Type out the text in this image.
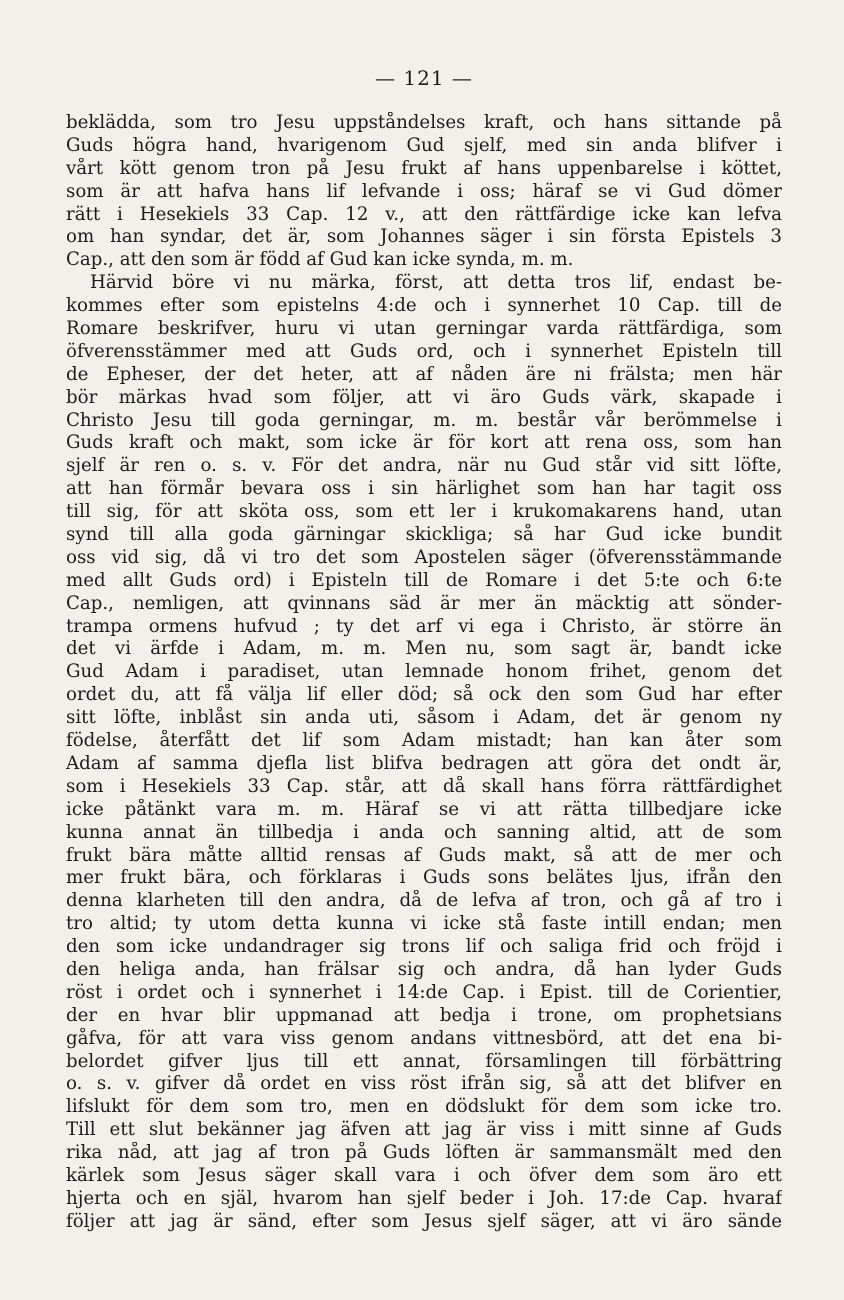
— 121 —
beklädda, som tro Jesu uppståndelses kraft, och hans sittande på
Guds högra hand, hvarigenom Gud sjelf, med sin anda blifver i
vårt kött genom tron på Jesu frukt af hans uppenbarelse i köttet,
som är att hafva hans lif lefvande i oss; häraf se vi Gud dömer
rätt i Hesekiels 33 Cap. 12 v., att den rättfärdige icke kan lefva
om han syndar, det är, som Johannes säger i sin första Epistels 3
Cap., att den som är född af Gud kan icke synda, m. m.
Härvid böre vi nu märka, först, att detta tros lif, endast be-
kommes efter som epistelns 4:de och i synnerhet 10 Cap. till de
Romare beskrifver, huru vi utan gerningar varda rättfärdiga, som
öfverensstämmer med att Guds ord, och i synnerhet Episteln till
de Epheser, der det heter, att af nåden äre ni frälsta; men här
bör märkas hvad som följer, att vi äro Guds värk, skapade i
Christo Jesu till goda gerningar, m. m. består vår berömmelse i
Guds kraft och makt, som icke är för kort att rena oss, som han
sjelf är ren o. s. v. För det andra, när nu Gud står vid sitt löfte,
att han förmår bevara oss i sin härlighet som han har tagit oss
till sig, för att sköta oss, som ett ler i krukomakarens hand, utan
synd till alla goda gärningar skickliga; så har Gud icke bundit
oss vid sig, då vi tro det som Apostelen säger (öfverensstämmande
med allt Guds ord) i Episteln till de Romare i det 5:te och 6:te
Cap., nemligen, att qvinnans säd är mer än mäcktig att sönder-
trampa ormens hufvud ; ty det arf vi ega i Christo, är större än
det vi ärfde i Adam, m. m. Men nu, som sagt är, bandt icke
Gud Adam i paradiset, utan lemnade honom frihet, genom det
ordet du, att få välja lif eller död; så ock den som Gud har efter
sitt löfte, inblåst sin anda uti, såsom i Adam, det är genom ny
födelse, återfått det lif som Adam mistadt; han kan åter som
Adam af samma djefla list blifva bedragen att göra det ondt är,
som i Hesekiels 33 Cap. står, att då skall hans förra rättfärdighet
icke påtänkt vara m. m. Häraf se vi att rätta tillbedjare icke
kunna annat än tillbedja i anda och sanning altid, att de som
frukt bära måtte alltid rensas af Guds makt, så att de mer och
mer frukt bära, och förklaras i Guds sons belätes ljus, ifrån den
denna klarheten till den andra, då de lefva af tron, och gå af tro i
tro altid; ty utom detta kunna vi icke stå faste intill endan; men
den som icke undandrager sig trons lif och saliga frid och fröjd i
den heliga anda, han frälsar sig och andra, då han lyder Guds
röst i ordet och i synnerhet i 14:de Cap. i Epist. till de Corientier,
der en hvar blir uppmanad att bedja i trone, om prophetsians
gåfva, för att vara viss genom andans vittnesbörd, att det ena bi-
belordet gifver ljus till ett annat, församlingen till förbättring
o. s. v. gifver då ordet en viss röst ifrån sig, så att det blifver en
lifslukt för dem som tro, men en dödslukt för dem som icke tro.
Till ett slut bekänner jag äfven att jag är viss i mitt sinne af Guds
rika nåd, att jag af tron på Guds löften är sammansmält med den
kärlek som Jesus säger skall vara i och öfver dem som äro ett
hjerta och en själ, hvarom han sjelf beder i Joh. 17:de Cap. hvaraf
följer att jag är sänd, efter som Jesus sjelf säger, att vi äro sände
